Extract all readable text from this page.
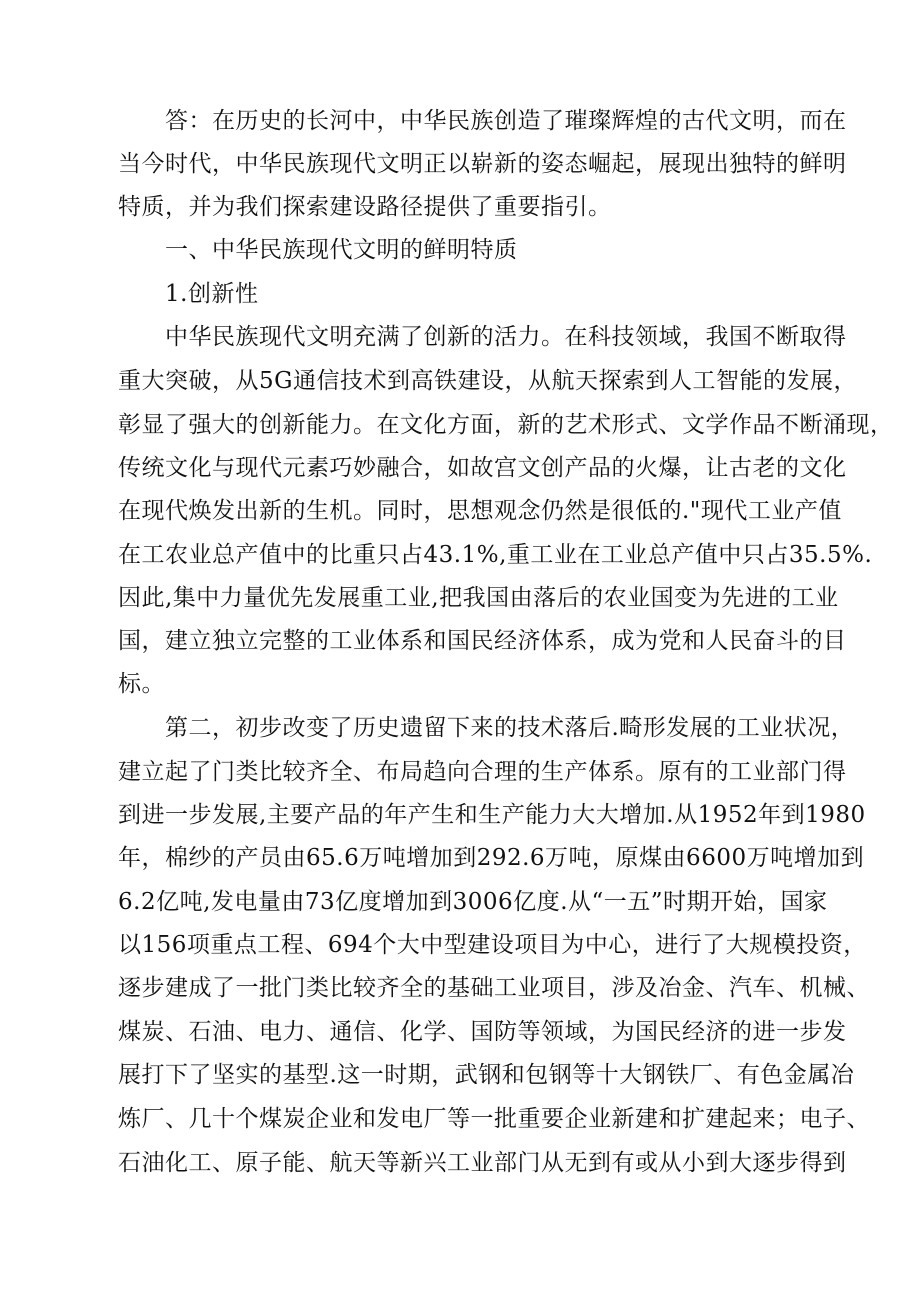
答：在历史的长河中，中华民族创造了璀璨辉煌的古代文明，而在
当今时代，中华民族现代文明正以崭新的姿态崛起，展现出独特的鲜明
特质，并为我们探索建设路径提供了重要指引。
一、中华民族现代文明的鲜明特质
1.创新性
中华民族现代文明充满了创新的活力。在科技领域，我国不断取得
重大突破，从5G通信技术到高铁建设，从航天探索到人工智能的发展，
彰显了强大的创新能力。在文化方面，新的艺术形式、文学作品不断涌现，
传统文化与现代元素巧妙融合，如故宫文创产品的火爆，让古老的文化
在现代焕发出新的生机。同时，思想观念仍然是很低的."现代工业产值
在工农业总产值中的比重只占43.1%,重工业在工业总产值中只占35.5%.
因此,集中力量优先发展重工业,把我国由落后的农业国变为先进的工业
国，建立独立完整的工业体系和国民经济体系，成为党和人民奋斗的目
标。
第二，初步改变了历史遗留下来的技术落后.畸形发展的工业状况，
建立起了门类比较齐全、布局趋向合理的生产体系。原有的工业部门得
到进一步发展,主要产品的年产生和生产能力大大增加.从1952年到1980
年，棉纱的产员由65.6万吨增加到292.6万吨，原煤由6600万吨增加到
6.2亿吨,发电量由73亿度增加到3006亿度.从“一五”时期开始，国家
以156项重点工程、694个大中型建设项目为中心，进行了大规模投资，
逐步建成了一批门类比较齐全的基础工业项目，涉及冶金、汽车、机械、
煤炭、石油、电力、通信、化学、国防等领域，为国民经济的进一步发
展打下了坚实的基型.这一时期，武钢和包钢等十大钢铁厂、有色金属冶
炼厂、几十个煤炭企业和发电厂等一批重要企业新建和扩建起来；电子、
石油化工、原子能、航天等新兴工业部门从无到有或从小到大逐步得到
